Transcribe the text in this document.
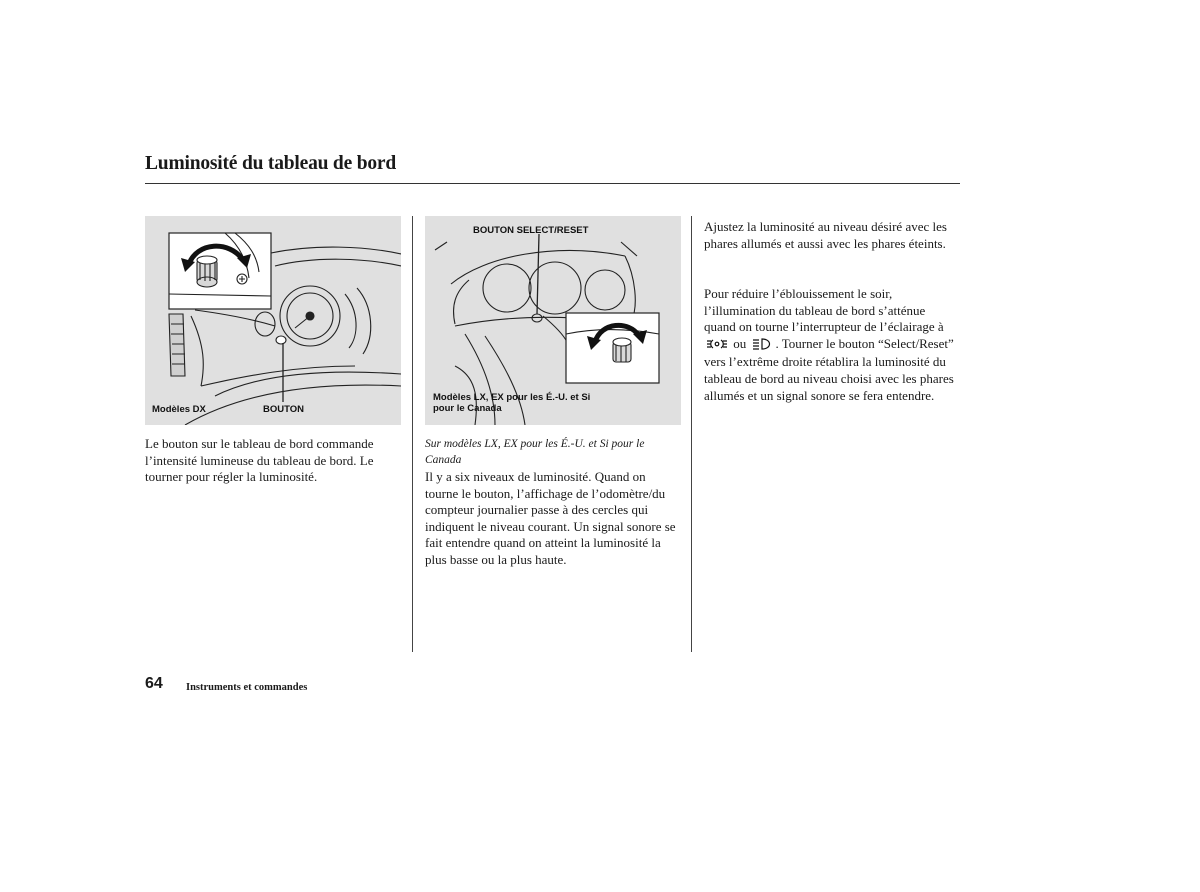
Luminosité du tableau de bord
Modèles DX	BOUTON
BOUTON SELECT/RESET
Modèles LX, EX pour les É.-U. et Si pour le Canada
Le bouton sur le tableau de bord commande l’intensité lumineuse du tableau de bord. Le tourner pour régler la luminosité.
Sur modèles LX, EX pour les É.-U. et Si pour le Canada
Il y a six niveaux de luminosité. Quand on tourne le bouton, l’affichage de l’odomètre/du compteur journalier passe à des cercles qui indiquent le niveau courant. Un signal sonore se fait entendre quand on atteint la luminosité la plus basse ou la plus haute.
Ajustez la luminosité au niveau désiré avec les phares allumés et aussi avec les phares éteints.
Pour réduire l’éblouissement le soir, l’illumination du tableau de bord s’atténue quand on tourne l’interrupteur de l’éclairage à  ou . Tourner le bouton “Select/Reset” vers l’extrême droite rétablira la luminosité du tableau de bord au niveau choisi avec les phares allumés et un signal sonore se fera entendre.
64 Instruments et commandes
